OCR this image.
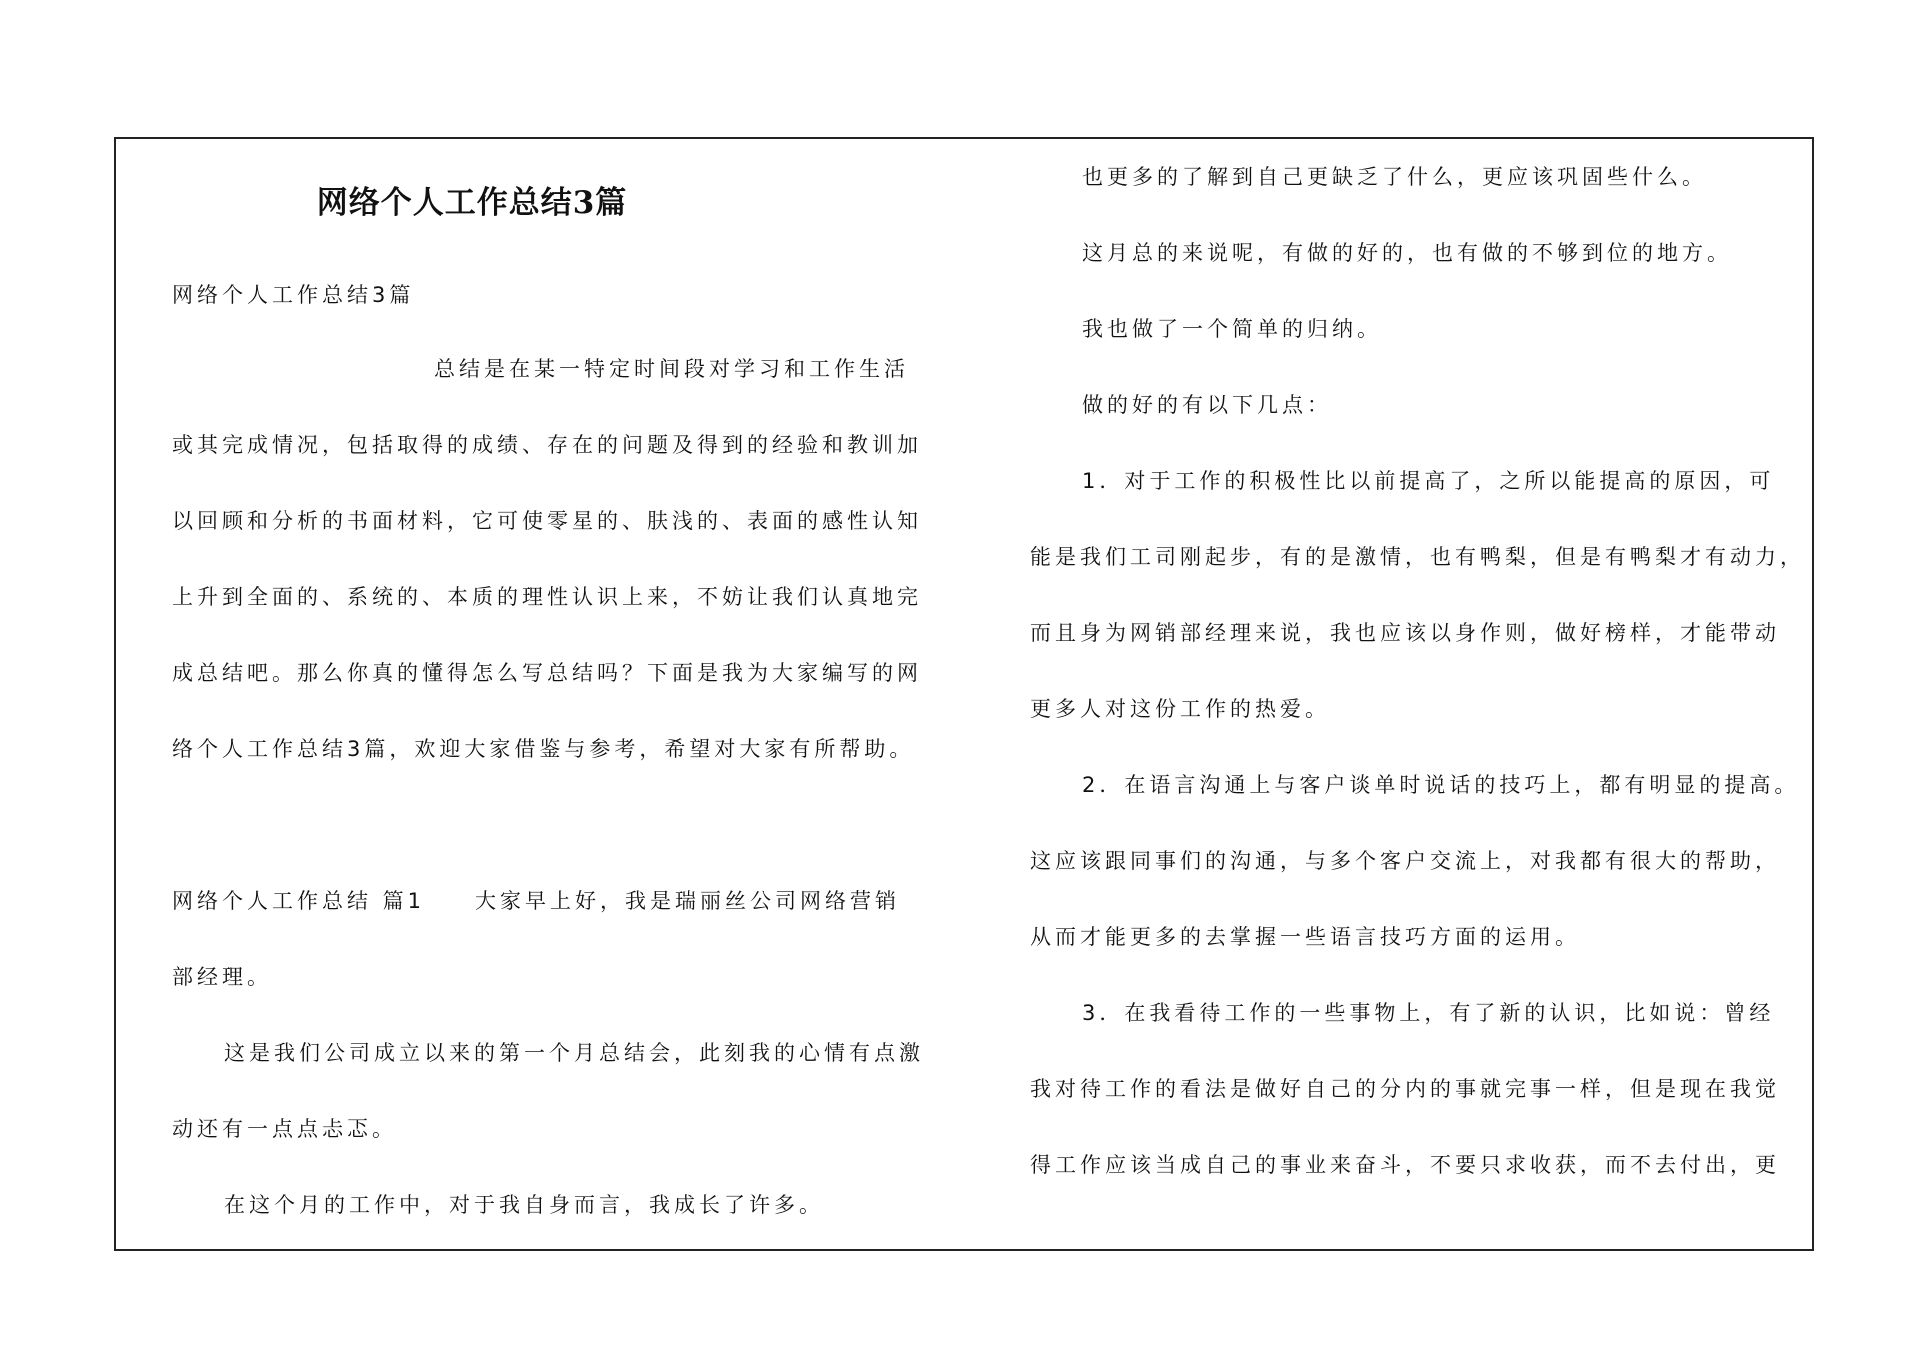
网络个人工作总结3篇
网络个人工作总结3篇
总结是在某一特定时间段对学习和工作生活
或其完成情况，包括取得的成绩、存在的问题及得到的经验和教训加
以回顾和分析的书面材料，它可使零星的、肤浅的、表面的感性认知
上升到全面的、系统的、本质的理性认识上来，不妨让我们认真地完
成总结吧。那么你真的懂得怎么写总结吗？下面是我为大家编写的网
络个人工作总结3篇，欢迎大家借鉴与参考，希望对大家有所帮助。
网络个人工作总结 篇1　　大家早上好，我是瑞丽丝公司网络营销
部经理。
这是我们公司成立以来的第一个月总结会，此刻我的心情有点激
动还有一点点忐忑。
在这个月的工作中，对于我自身而言，我成长了许多。
也更多的了解到自己更缺乏了什么，更应该巩固些什么。
这月总的来说呢，有做的好的，也有做的不够到位的地方。
我也做了一个简单的归纳。
做的好的有以下几点：
1．对于工作的积极性比以前提高了，之所以能提高的原因，可
能是我们工司刚起步，有的是激情，也有鸭梨，但是有鸭梨才有动力，
而且身为网销部经理来说，我也应该以身作则，做好榜样，才能带动
更多人对这份工作的热爱。
2．在语言沟通上与客户谈单时说话的技巧上，都有明显的提高。
这应该跟同事们的沟通，与多个客户交流上，对我都有很大的帮助，
从而才能更多的去掌握一些语言技巧方面的运用。
3．在我看待工作的一些事物上，有了新的认识，比如说：曾经
我对待工作的看法是做好自己的分内的事就完事一样，但是现在我觉
得工作应该当成自己的事业来奋斗，不要只求收获，而不去付出，更
